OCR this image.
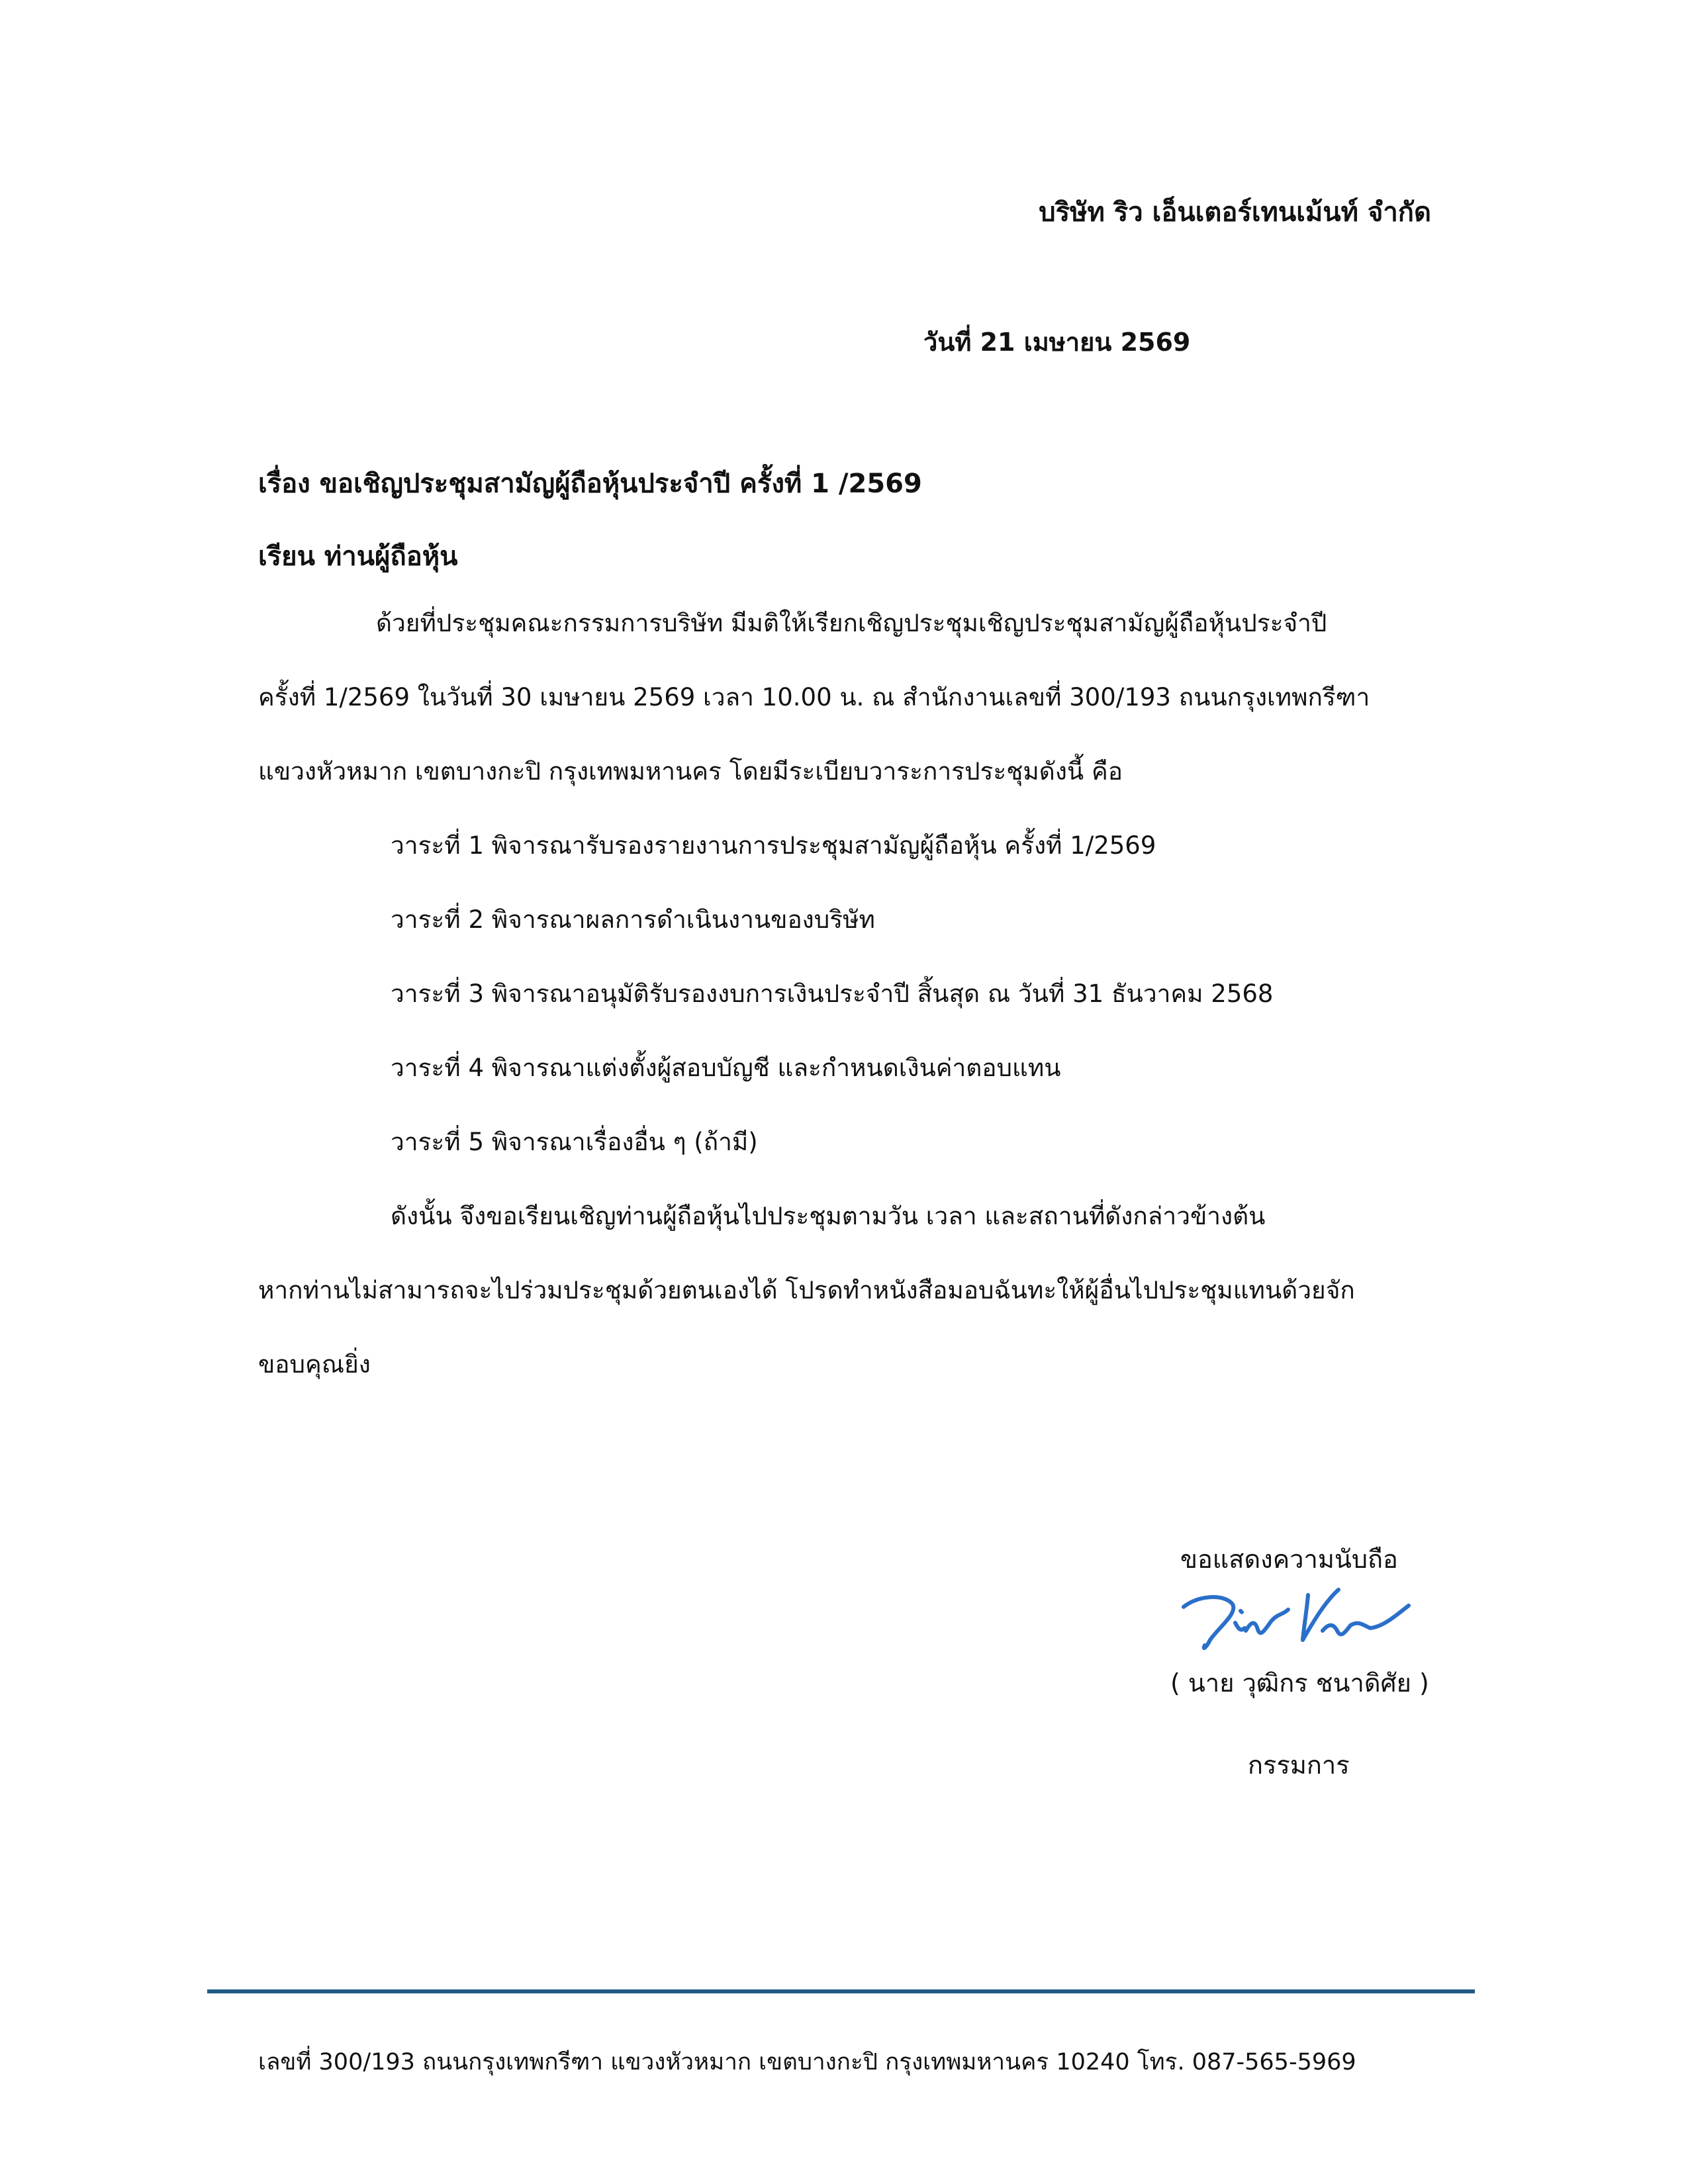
บริษัท ริว เอ็นเตอร์เทนเม้นท์ จำกัด
วันที่ 21 เมษายน 2569
เรื่อง ขอเชิญประชุมสามัญผู้ถือหุ้นประจำปี ครั้งที่ 1 /2569
เรียน ท่านผู้ถือหุ้น
ด้วยที่ประชุมคณะกรรมการบริษัท มีมติให้เรียกเชิญประชุมเชิญประชุมสามัญผู้ถือหุ้นประจำปี
ครั้งที่ 1/2569 ในวันที่ 30 เมษายน 2569 เวลา 10.00 น. ณ สำนักงานเลขที่ 300/193 ถนนกรุงเทพกรีฑา
แขวงหัวหมาก เขตบางกะปิ กรุงเทพมหานคร โดยมีระเบียบวาระการประชุมดังนี้ คือ
วาระที่ 1 พิจารณารับรองรายงานการประชุมสามัญผู้ถือหุ้น ครั้งที่ 1/2569
วาระที่ 2 พิจารณาผลการดำเนินงานของบริษัท
วาระที่ 3 พิจารณาอนุมัติรับรองงบการเงินประจำปี สิ้นสุด ณ วันที่ 31 ธันวาคม 2568
วาระที่ 4 พิจารณาแต่งตั้งผู้สอบบัญชี และกำหนดเงินค่าตอบแทน
วาระที่ 5 พิจารณาเรื่องอื่น ๆ (ถ้ามี)
ดังนั้น จึงขอเรียนเชิญท่านผู้ถือหุ้นไปประชุมตามวัน เวลา และสถานที่ดังกล่าวข้างต้น
หากท่านไม่สามารถจะไปร่วมประชุมด้วยตนเองได้ โปรดทำหนังสือมอบฉันทะให้ผู้อื่นไปประชุมแทนด้วยจัก
ขอบคุณยิ่ง
ขอแสดงความนับถือ
( นาย วุฒิกร ชนาดิศัย )
กรรมการ
เลขที่ 300/193 ถนนกรุงเทพกรีฑา แขวงหัวหมาก เขตบางกะปิ กรุงเทพมหานคร 10240 โทร. 087-565-5969
